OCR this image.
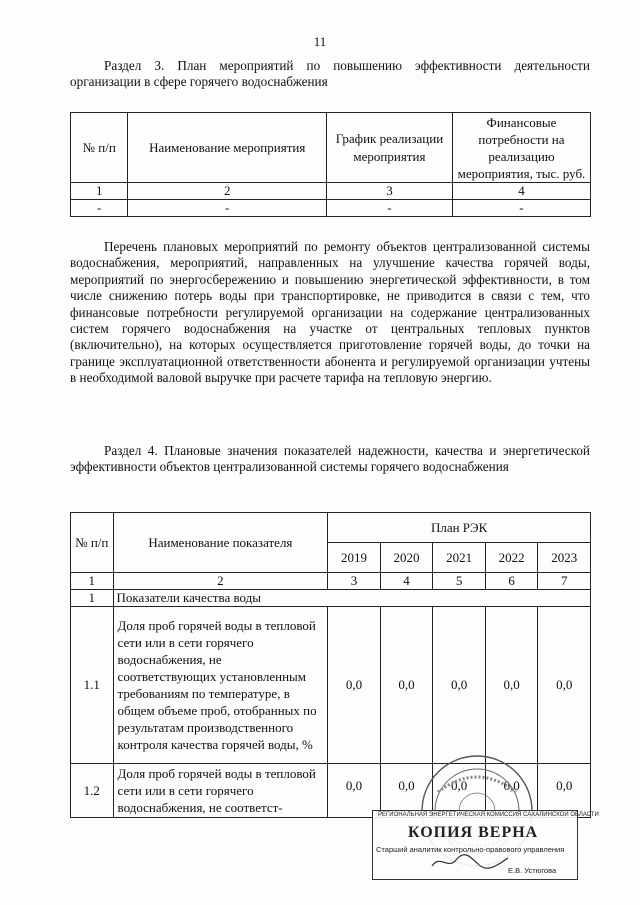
11
Раздел 3. План мероприятий по повышению эффективности деятельности организации в сфере горячего водоснабжения
№ п/п	Наименование мероприятия	График реализации мероприятия	Финансовые потребности на реализацию мероприятия, тыс. руб.
1	2	3	4
-	-	-	-
Перечень плановых мероприятий по ремонту объектов централизованной системы водоснабжения, мероприятий, направленных на улучшение качества горячей воды, мероприятий по энергосбережению и повышению энергетической эффективности, в том числе снижению потерь воды при транспортировке, не приводится в связи с тем, что финансовые потребности регулируемой организации на содержание централизованных систем горячего водоснабжения на участке от центральных тепловых пунктов (включительно), на которых осуществляется приготовление горячей воды, до точки на границе эксплуатационной ответственности абонента и регулируемой организации учтены в необходимой валовой выручке при расчете тарифа на тепловую энергию.
Раздел 4. Плановые значения показателей надежности, качества и энергетической эффективности объектов централизованной системы горячего водоснабжения
№ п/п	Наименование показателя	План РЭК				
		2019	2020	2021	2022	2023
1	2	3	4	5	6	7
1	Показатели качества воды					
1.1	Доля проб горячей воды в тепловой сети или в сети горячего водоснабжения, не соответствующих установленным требованиям по температуре, в общем объеме проб, отобранных по результатам производственного контроля качества горячей воды, %	0,0	0,0	0,0	0,0	0,0
1.2	Доля проб горячей воды в тепловой сети или в сети горячего водоснабжения, не соответст-	0,0	0,0	0,0	0,0	0,0
РЕГИОНАЛЬНАЯ ЭНЕРГЕТИЧЕСКАЯ КОМИССИЯ САХАЛИНСКОЙ ОБЛАСТИ
КОПИЯ ВЕРНА
Старший аналитик контрольно-правового управления
Е.В. Устюгова
